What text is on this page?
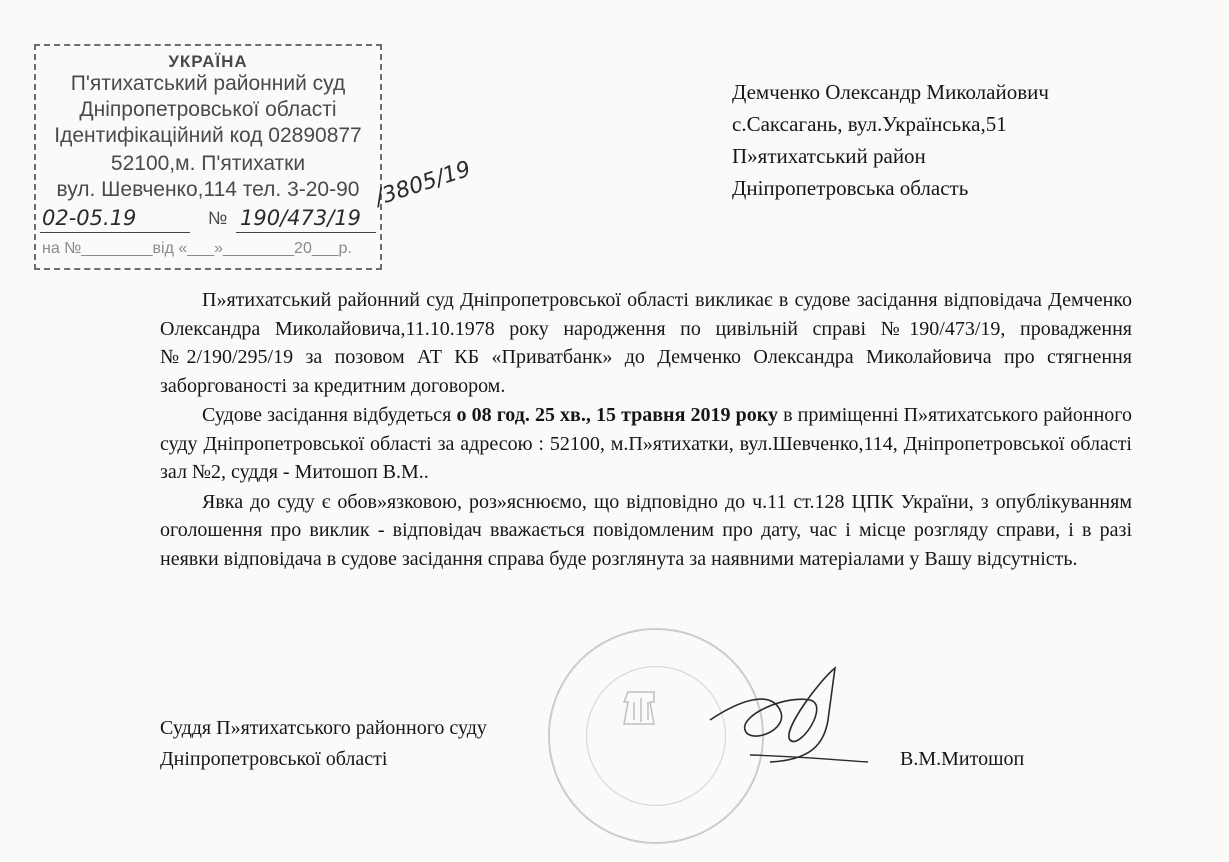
УКРАЇНА
П'ятихатський районний суд
Дніпропетровської області
Ідентифікаційний код 02890877
52100,м. П'ятихатки
вул. Шевченко,114 тел. 3-20-90
02-05.19	№ 190/473/19
на №________від «___»________20___р.
/3805/19
Демченко Олександр Миколайович
с.Саксагань, вул.Українська,51
П»ятихатський район
Дніпропетровська область

П»ятихатський районний суд Дніпропетровської області викликає в судове засідання відповідача Демченко Олександра Миколайовича,11.10.1978 року народження по цивільній справі №190/473/19, провадження №2/190/295/19 за позовом АТ КБ «Приватбанк» до Демченко Олександра Миколайовича про стягнення заборгованості за кредитним договором.

Судове засідання відбудеться о 08 год. 25 хв., 15 травня 2019 року в приміщенні П»ятихатського районного суду Дніпропетровської області за адресою : 52100, м.П»ятихатки, вул.Шевченко,114, Дніпропетровської області зал №2, суддя - Митошоп В.М..

Явка до суду є обов»язковою, роз»яснюємо, що відповідно до ч.11 ст.128 ЦПК України, з опублікуванням оголошення про виклик - відповідач вважається повідомленим про дату, час і місце розгляду справи, і в разі неявки відповідача в судове засідання справа буде розглянута за наявними матеріалами у Вашу відсутність.

Суддя П»ятихатського районного суду
Дніпропетровської області	В.М.Митошоп
